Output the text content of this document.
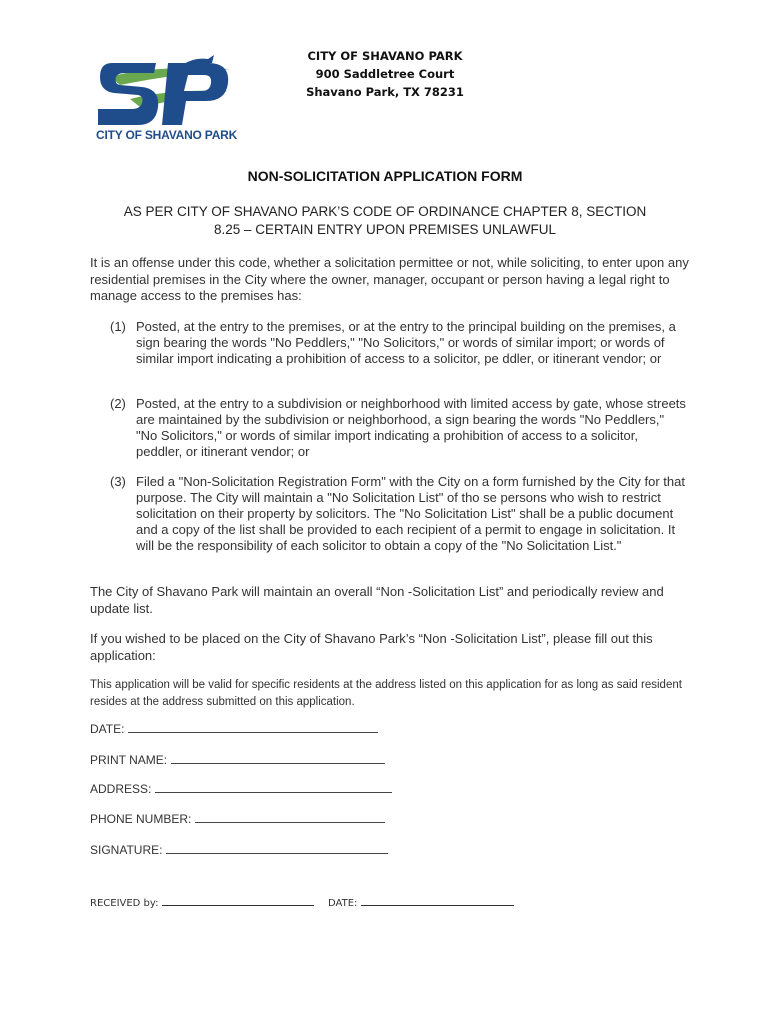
CITY OF SHAVANO PARK
CITY OF SHAVANO PARK
900 Saddletree Court
Shavano Park, TX 78231
NON-SOLICITATION APPLICATION FORM
AS PER CITY OF SHAVANO PARK’S CODE OF ORDINANCE CHAPTER 8, SECTION
8.25 – CERTAIN ENTRY UPON PREMISES UNLAWFUL
It is an offense under this code, whether a solicitation permittee or not, while soliciting, to enter upon any residential premises in the City where the owner, manager, occupant or person having a legal right to manage access to the premises has:
(1) Posted, at the entry to the premises, or at the entry to the principal building on the premises, a sign bearing the words "No Peddlers," "No Solicitors," or words of similar import; or words of similar import indicating a prohibition of access to a solicitor, pe ddler, or itinerant vendor; or
(2) Posted, at the entry to a subdivision or neighborhood with limited access by gate, whose streets are maintained by the subdivision or neighborhood, a sign bearing the words "No Peddlers," "No Solicitors," or words of similar import indicating a prohibition of access to a solicitor, peddler, or itinerant vendor; or
(3) Filed a "Non-Solicitation Registration Form" with the City on a form furnished by the City for that purpose. The City will maintain a "No Solicitation List" of tho se persons who wish to restrict solicitation on their property by solicitors. The "No Solicitation List" shall be a public document and a copy of the list shall be provided to each recipient of a permit to engage in solicitation. It will be the responsibility of each solicitor to obtain a copy of the "No Solicitation List."
The City of Shavano Park will maintain an overall “Non -Solicitation List” and periodically review and update list.
If you wished to be placed on the City of Shavano Park’s “Non -Solicitation List”, please fill out this application:
This application will be valid for specific residents at the address listed on this application for as long as said resident resides at the address submitted on this application.
DATE:
PRINT NAME:
ADDRESS:
PHONE NUMBER:
SIGNATURE:
RECEIVED by:	DATE:
